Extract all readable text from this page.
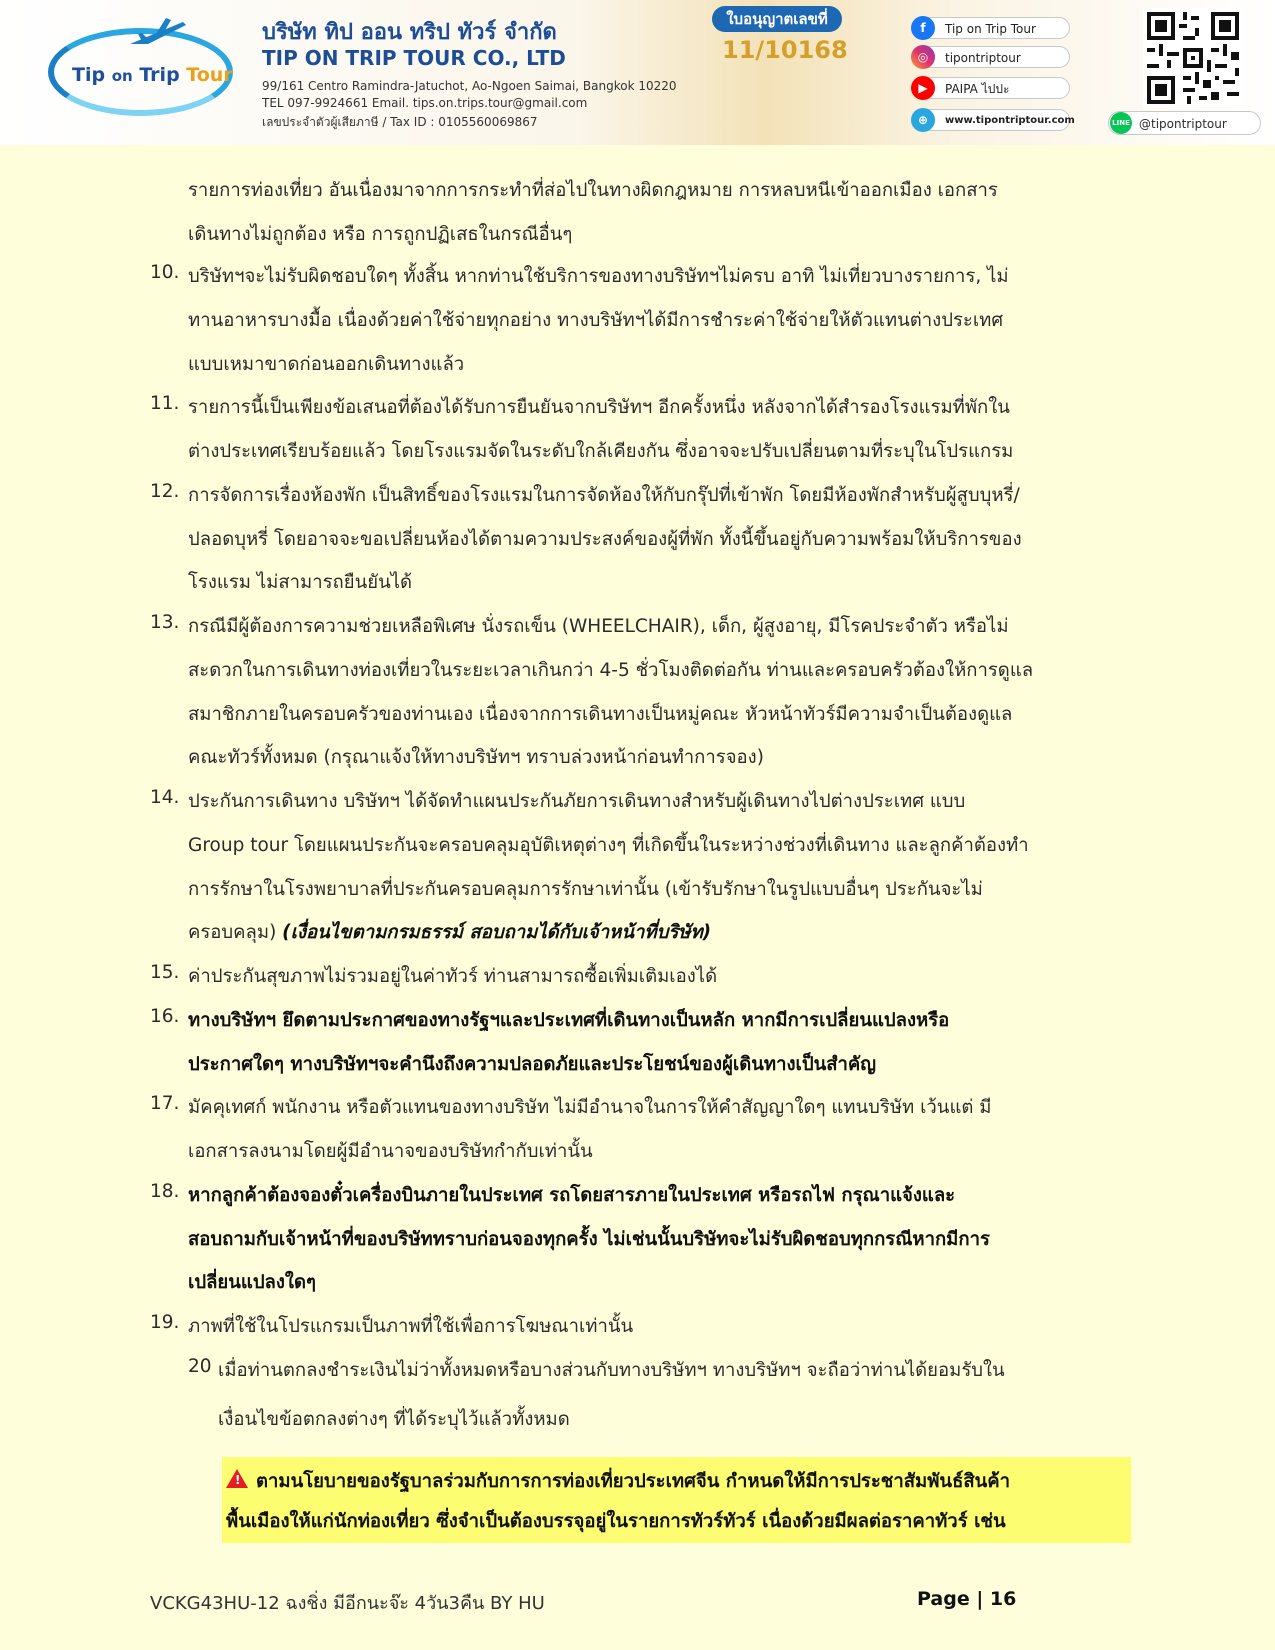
Tip on Trip Tour
บริษัท ทิป ออน ทริป ทัวร์ จำกัด
TIP ON TRIP TOUR CO., LTD
99/161 Centro Ramindra-Jatuchot, Ao-Ngoen Saimai, Bangkok 10220
TEL 097-9924661 Email. tips.on.trips.tour@gmail.com
เลขประจำตัวผู้เสียภาษี / Tax ID : 0105560069867
ใบอนุญาตเลขที่
11/10168
f	Tip on Trip Tour
◎	tipontriptour
▶	PAIPA ไปปะ
⊕	www.tipontriptour.com	LINE @tipontriptour
รายการท่องเที่ยว อันเนื่องมาจากการกระทำที่ส่อไปในทางผิดกฎหมาย การหลบหนีเข้าออกเมือง เอกสาร
เดินทางไม่ถูกต้อง หรือ การถูกปฏิเสธในกรณีอื่นๆ
10. บริษัทฯจะไม่รับผิดชอบใดๆ ทั้งสิ้น หากท่านใช้บริการของทางบริษัทฯไม่ครบ อาทิ ไม่เที่ยวบางรายการ, ไม่
ทานอาหารบางมื้อ เนื่องด้วยค่าใช้จ่ายทุกอย่าง ทางบริษัทฯได้มีการชำระค่าใช้จ่ายให้ตัวแทนต่างประเทศ
แบบเหมาขาดก่อนออกเดินทางแล้ว
11. รายการนี้เป็นเพียงข้อเสนอที่ต้องได้รับการยืนยันจากบริษัทฯ อีกครั้งหนึ่ง หลังจากได้สำรองโรงแรมที่พักใน
ต่างประเทศเรียบร้อยแล้ว โดยโรงแรมจัดในระดับใกล้เคียงกัน ซึ่งอาจจะปรับเปลี่ยนตามที่ระบุในโปรแกรม
12. การจัดการเรื่องห้องพัก เป็นสิทธิ์ของโรงแรมในการจัดห้องให้กับกรุ๊ปที่เข้าพัก โดยมีห้องพักสำหรับผู้สูบบุหรี่/
ปลอดบุหรี่ โดยอาจจะขอเปลี่ยนห้องได้ตามความประสงค์ของผู้ที่พัก ทั้งนี้ขึ้นอยู่กับความพร้อมให้บริการของ
โรงแรม ไม่สามารถยืนยันได้
13. กรณีมีผู้ต้องการความช่วยเหลือพิเศษ นั่งรถเข็น (WHEELCHAIR), เด็ก, ผู้สูงอายุ, มีโรคประจำตัว หรือไม่
สะดวกในการเดินทางท่องเที่ยวในระยะเวลาเกินกว่า 4-5 ชั่วโมงติดต่อกัน ท่านและครอบครัวต้องให้การดูแล
สมาชิกภายในครอบครัวของท่านเอง เนื่องจากการเดินทางเป็นหมู่คณะ หัวหน้าทัวร์มีความจำเป็นต้องดูแล
คณะทัวร์ทั้งหมด (กรุณาแจ้งให้ทางบริษัทฯ ทราบล่วงหน้าก่อนทำการจอง)
14. ประกันการเดินทาง บริษัทฯ ได้จัดทำแผนประกันภัยการเดินทางสำหรับผู้เดินทางไปต่างประเทศ แบบ
Group tour โดยแผนประกันจะครอบคลุมอุบัติเหตุต่างๆ ที่เกิดขึ้นในระหว่างช่วงที่เดินทาง และลูกค้าต้องทำ
การรักษาในโรงพยาบาลที่ประกันครอบคลุมการรักษาเท่านั้น (เข้ารับรักษาในรูปแบบอื่นๆ ประกันจะไม่
ครอบคลุม) (เงื่อนไขตามกรมธรรม์ สอบถามได้กับเจ้าหน้าที่บริษัท)
15. ค่าประกันสุขภาพไม่รวมอยู่ในค่าทัวร์ ท่านสามารถซื้อเพิ่มเติมเองได้
16. ทางบริษัทฯ ยึดตามประกาศของทางรัฐฯและประเทศที่เดินทางเป็นหลัก หากมีการเปลี่ยนแปลงหรือ
ประกาศใดๆ ทางบริษัทฯจะคำนึงถึงความปลอดภัยและประโยชน์ของผู้เดินทางเป็นสำคัญ
17. มัคคุเทศก์ พนักงาน หรือตัวแทนของทางบริษัท ไม่มีอำนาจในการให้คำสัญญาใดๆ แทนบริษัท เว้นแต่ มี
เอกสารลงนามโดยผู้มีอำนาจของบริษัทกำกับเท่านั้น
18. หากลูกค้าต้องจองตั๋วเครื่องบินภายในประเทศ รถโดยสารภายในประเทศ หรือรถไฟ กรุณาแจ้งและ
สอบถามกับเจ้าหน้าที่ของบริษัททราบก่อนจองทุกครั้ง ไม่เช่นนั้นบริษัทจะไม่รับผิดชอบทุกกรณีหากมีการ
เปลี่ยนแปลงใดๆ
19. ภาพที่ใช้ในโปรแกรมเป็นภาพที่ใช้เพื่อการโฆษณาเท่านั้น
20 เมื่อท่านตกลงชำระเงินไม่ว่าทั้งหมดหรือบางส่วนกับทางบริษัทฯ ทางบริษัทฯ จะถือว่าท่านได้ยอมรับใน
เงื่อนไขข้อตกลงต่างๆ ที่ได้ระบุไว้แล้วทั้งหมด
! ตามนโยบายของรัฐบาลร่วมกับการการท่องเที่ยวประเทศจีน กำหนดให้มีการประชาสัมพันธ์สินค้า
พื้นเมืองให้แก่นักท่องเที่ยว ซึ่งจำเป็นต้องบรรจุอยู่ในรายการทัวร์ทัวร์ เนื่องด้วยมีผลต่อราคาทัวร์ เช่น
VCKG43HU-12 ฉงชิ่ง มีอีกนะจ๊ะ 4วัน3คืน BY HU	Page | 16
